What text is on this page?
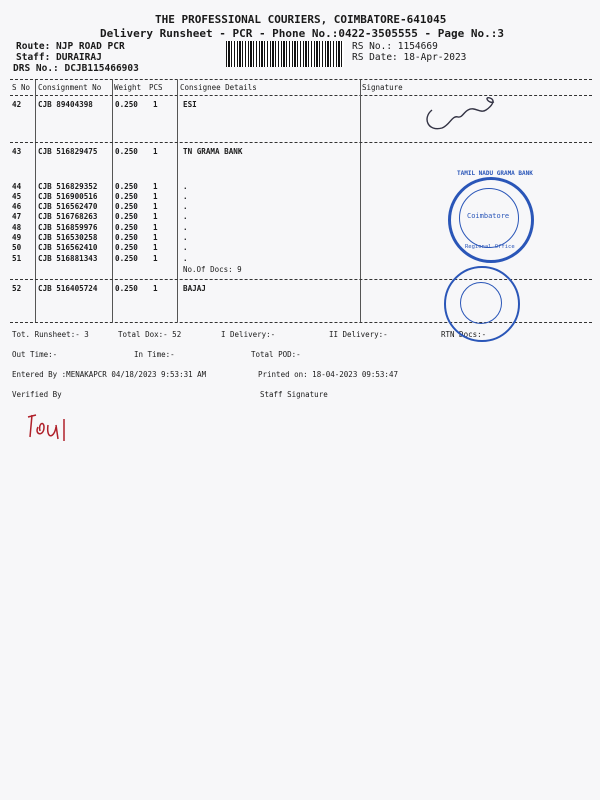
THE PROFESSIONAL COURIERS, COIMBATORE-641045
Delivery Runsheet - PCR - Phone No.:0422-3505555 - Page No.:3
Route: NJP ROAD PCR
Staff: DURAIRAJ
DRS No.: DCJB115466903
RS No.: 1154669
RS Date: 18-Apr-2023
S No Consignment No Weight PCS Consignee Details	Signature
42 CJB 89404398	0.250 1	ESI
43 CJB 516829475 0.250 1	TN GRAMA BANK
44 CJB 516829352 0.250 1	.
45 CJB 516900516 0.250 1	.
46 CJB 516562470 0.250 1	.
47 CJB 516768263 0.250 1	.
48 CJB 516859976 0.250 1	.
49 CJB 516530258 0.250 1	.
50 CJB 516562410 0.250 1	.
51 CJB 516881343 0.250 1	.
No.Of Docs: 9
52 CJB 516405724 0.250 1	BAJAJ
Tot. Runsheet:- 3	Total Dox:- 52	I Delivery:-	II Delivery:-	RTN Docs:-
Out Time:-	In Time:-	Total POD:-
Entered By :MENAKAPCR 04/18/2023 9:53:31 AM	Printed on: 18-04-2023 09:53:47
Verified By	Staff Signature
TAMIL NADU GRAMA BANK
Coimbatore
Regional Office
